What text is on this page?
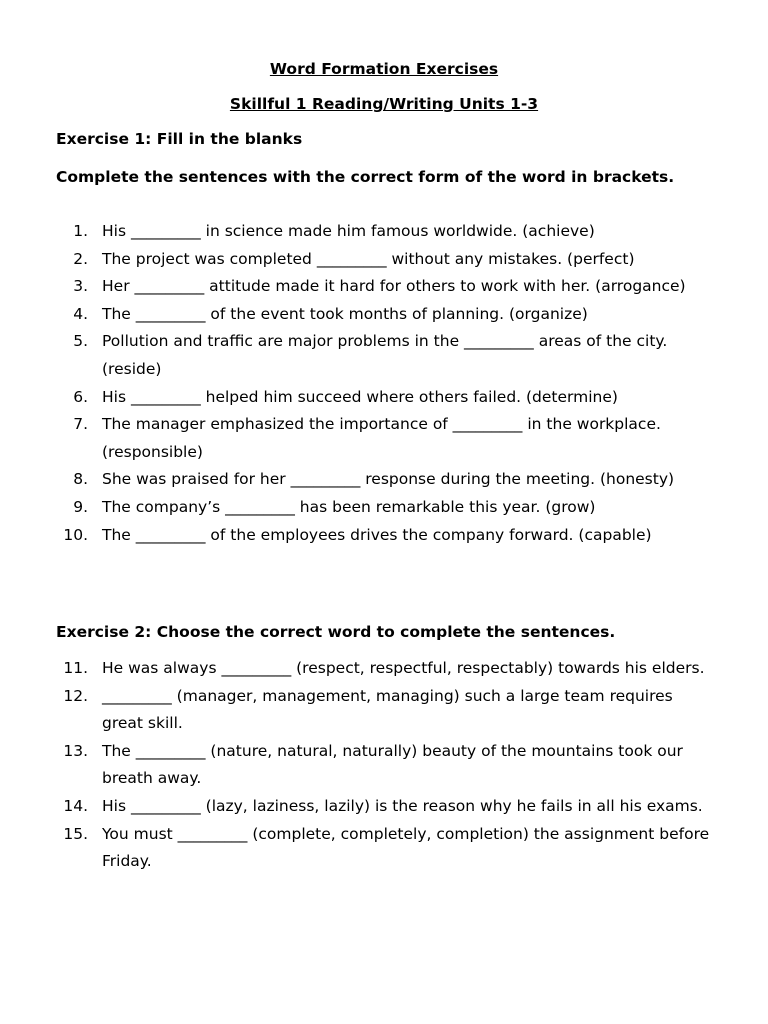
Word Formation Exercises
Skillful 1 Reading/Writing Units 1-3
Exercise 1: Fill in the blanks
Complete the sentences with the correct form of the word in brackets.
1. His _________ in science made him famous worldwide. (achieve)
2. The project was completed _________ without any mistakes. (perfect)
3. Her _________ attitude made it hard for others to work with her. (arrogance)
4. The _________ of the event took months of planning. (organize)
5. Pollution and traffic are major problems in the _________ areas of the city. (reside)
6. His _________ helped him succeed where others failed. (determine)
7. The manager emphasized the importance of _________ in the workplace. (responsible)
8. She was praised for her _________ response during the meeting. (honesty)
9. The company’s _________ has been remarkable this year. (grow)
10. The _________ of the employees drives the company forward. (capable)
Exercise 2: Choose the correct word to complete the sentences.
11. He was always _________ (respect, respectful, respectably) towards his elders.
12. _________ (manager, management, managing) such a large team requires great skill.
13. The _________ (nature, natural, naturally) beauty of the mountains took our breath away.
14. His _________ (lazy, laziness, lazily) is the reason why he fails in all his exams.
15. You must _________ (complete, completely, completion) the assignment before Friday.
